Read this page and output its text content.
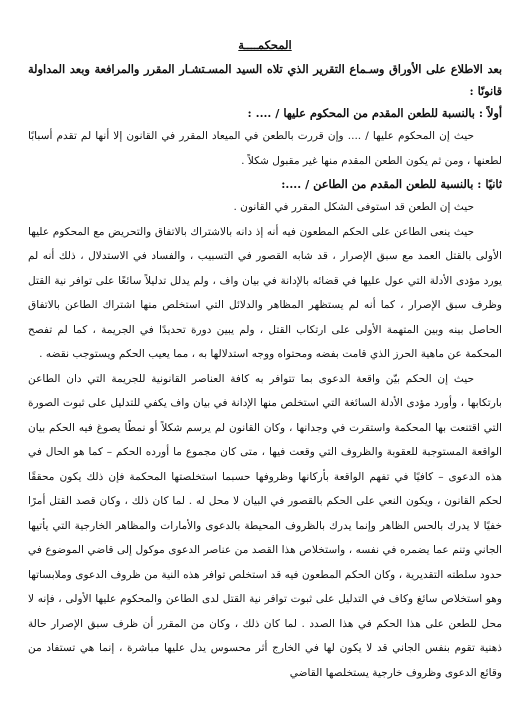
المحكمــــة

بعد الاطلاع على الأوراق وسـماع التقرير الذي تلاه السيد المسـتشـار المقرر والمرافعة وبعد المداولة قانونًا :

أولاً : بالنسبة للطعن المقدم من المحكوم عليها / .... :

حيث إن المحكوم عليها / .... وإن قررت بالطعن في الميعاد المقرر في القانون إلا أنها لم تقدم أسبابًا لطعنها ، ومن ثم يكون الطعن المقدم منها غير مقبول شكلاً .

ثانيًا : بالنسبة للطعن المقدم من الطاعن / ....:

حيث إن الطعن قد استوفى الشكل المقرر في القانون .

حيث ينعى الطاعن على الحكم المطعون فيه أنه إذ دانه بالاشتراك بالاتفاق والتحريض مع المحكوم عليها الأولى بالقتل العمد مع سبق الإصرار ، قد شابه القصور في التسبيب ، والفساد في الاستدلال ، ذلك أنه لم يورد مؤدى الأدلة التي عول عليها في قضائه بالإدانة في بيان واف ، ولم يدلل تدليلاً سائغًا على توافر نية القتل وظرف سبق الإصرار ، كما أنه لم يستظهر المظاهر والدلائل التي استخلص منها اشتراك الطاعن بالاتفاق الحاصل بينه وبين المتهمة الأولى على ارتكاب القتل ، ولم يبين دورة تحديدًا في الجريمة ، كما لم تفصح المحكمة عن ماهية الحرز الذي قامت بفضه ومحتواه ووجه استدلالها به ، مما يعيب الحكم ويستوجب نقضه .

حيث إن الحكم بيّن واقعة الدعوى بما تتوافر به كافة العناصر القانونية للجريمة التي دان الطاعن بارتكابها ، وأورد مؤدى الأدلة السائغة التي استخلص منها الإدانة في بيان واف يكفي للتدليل على ثبوت الصورة التي اقتنعت بها المحكمة واستقرت في وجدانها ، وكان القانون لم يرسم شكلاً أو نمطًا يصوغ فيه الحكم بيان الواقعة المستوجبة للعقوبة والظروف التي وقعت فيها ، متى كان مجموع ما أورده الحكم – كما هو الحال في هذه الدعوى – كافيًا في تفهم الواقعة بأركانها وظروفها حسبما استخلصتها المحكمة فإن ذلك يكون محققًا لحكم القانون ، ويكون النعي على الحكم بالقصور في البيان لا محل له . لما كان ذلك ، وكان قصد القتل أمرًا خفيًا لا يدرك بالحس الظاهر وإنما يدرك بالظروف المحيطة بالدعوى والأمارات والمظاهر الخارجية التي يأتيها الجاني وتنم عما يضمره في نفسه ، واستخلاص هذا القصد من عناصر الدعوى موكول إلى قاضي الموضوع في حدود سلطته التقديرية ، وكان الحكم المطعون فيه قد استخلص توافر هذه النية من ظروف الدعوى وملابساتها وهو استخلاص سائغ وكاف في التدليل على ثبوت توافر نية القتل لدى الطاعن والمحكوم عليها الأولى ، فإنه لا محل للطعن على هذا الحكم في هذا الصدد . لما كان ذلك ، وكان من المقرر أن ظرف سبق الإصرار حالة ذهنية تقوم بنفس الجاني قد لا يكون لها في الخارج أثر محسوس يدل عليها مباشرة ، إنما هي تستفاد من وقائع الدعوى وظروف خارجية يستخلصها القاضي
